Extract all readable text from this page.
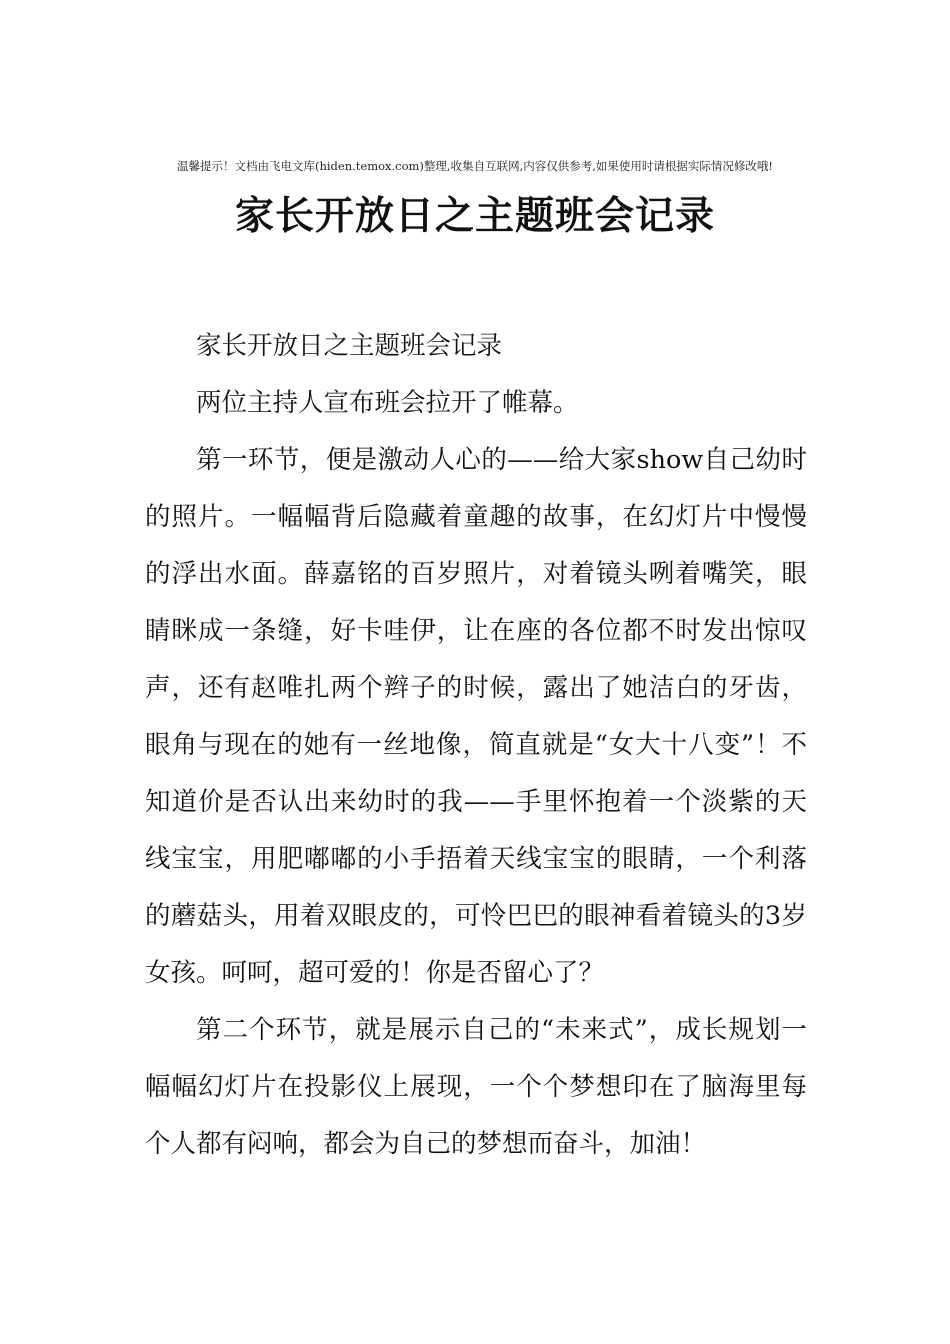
温馨提示！文档由飞电文库(hiden.temox.com)整理,收集自互联网,内容仅供参考,如果使用时请根据实际情况修改哦!
家长开放日之主题班会记录

家长开放日之主题班会记录

两位主持人宣布班会拉开了帷幕。

第一环节，便是激动人心的——给大家show自己幼时的照片。一幅幅背后隐藏着童趣的故事，在幻灯片中慢慢的浮出水面。薛嘉铭的百岁照片，对着镜头咧着嘴笑，眼睛眯成一条缝，好卡哇伊，让在座的各位都不时发出惊叹声，还有赵唯扎两个辫子的时候，露出了她洁白的牙齿，眼角与现在的她有一丝地像，简直就是“女大十八变”！不知道价是否认出来幼时的我——手里怀抱着一个淡紫的天线宝宝，用肥嘟嘟的小手捂着天线宝宝的眼睛，一个利落的蘑菇头，用着双眼皮的，可怜巴巴的眼神看着镜头的3岁女孩。呵呵，超可爱的！你是否留心了？

第二个环节，就是展示自己的“未来式”，成长规划一幅幅幻灯片在投影仪上展现，一个个梦想印在了脑海里每个人都有闷响，都会为自己的梦想而奋斗，加油！
